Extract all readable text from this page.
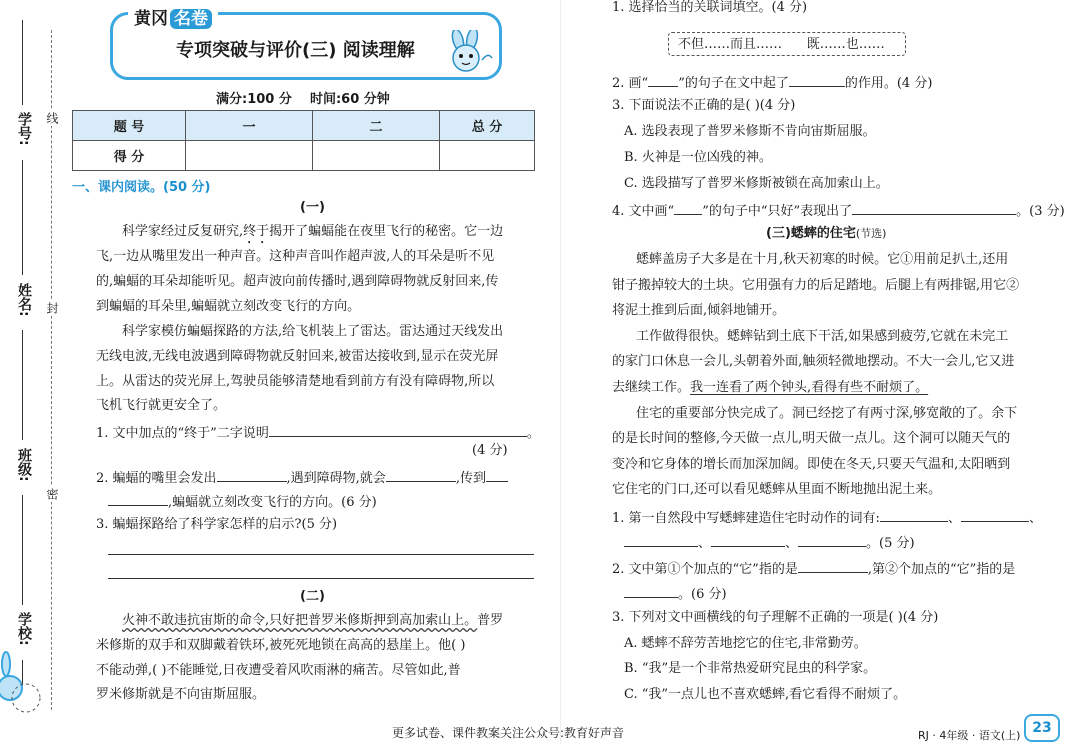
线
封
密
学号:
姓名:
班级:
学校:
黄冈 名卷
专项突破与评价(三) 阅读理解
满分:100 分    时间:60 分钟
题 号	一	二	总 分
得 分			
一、课内阅读。(50 分)
(一)
科学家经过反复研究,终于揭开了蝙蝠能在夜里飞行的秘密。它一边
飞,一边从嘴里发出一种声音。这种声音叫作超声波,人的耳朵是听不见
的,蝙蝠的耳朵却能听见。超声波向前传播时,遇到障碍物就反射回来,传
到蝙蝠的耳朵里,蝙蝠就立刻改变飞行的方向。
科学家模仿蝙蝠探路的方法,给飞机装上了雷达。雷达通过天线发出
无线电波,无线电波遇到障碍物就反射回来,被雷达接收到,显示在荧光屏
上。从雷达的荧光屏上,驾驶员能够清楚地看到前方有没有障碍物,所以
飞机飞行就更安全了。
1. 文中加点的“终于”二字说明	。
(4 分)
2. 蝙蝠的嘴里会发出	,遇到障碍物,就会	,传到
,蝙蝠就立刻改变飞行的方向。(6 分)
3. 蝙蝠探路给了科学家怎样的启示?(5 分)
(二)
火神不敢违抗宙斯的命令,只好把普罗米修斯押到高加索山上。普罗
米修斯的双手和双脚戴着铁环,被死死地锁在高高的悬崖上。他( )
不能动弹,( )不能睡觉,日夜遭受着风吹雨淋的痛苦。尽管如此,普
罗米修斯就是不向宙斯屈服。
1. 选择恰当的关联词填空。(4 分)
不但……而且……      既……也……
2. 画“ ”的句子在文中起了	的作用。(4 分)
3. 下面说法不正确的是( )(4 分)
A. 选段表现了普罗米修斯不肯向宙斯屈服。
B. 火神是一位凶残的神。
C. 选段描写了普罗米修斯被锁在高加索山上。
4. 文中画“ ”的句子中“只好”表现出了	。(3 分)
(三)蟋蟀的住宅(节选)
蟋蟀盖房子大多是在十月,秋天初寒的时候。它①用前足扒土,还用
钳子搬掉较大的土块。它用强有力的后足踏地。后腿上有两排锯,用它②
将泥土推到后面,倾斜地铺开。
工作做得很快。蟋蟀钻到土底下干活,如果感到疲劳,它就在未完工
的家门口休息一会儿,头朝着外面,触须轻微地摆动。不大一会儿,它又进
去继续工作。我一连看了两个钟头,看得有些不耐烦了。
住宅的重要部分快完成了。洞已经挖了有两寸深,够宽敞的了。余下
的是长时间的整修,今天做一点儿,明天做一点儿。这个洞可以随天气的
变冷和它身体的增长而加深加阔。即使在冬天,只要天气温和,太阳晒到
它住宅的门口,还可以看见蟋蟀从里面不断地抛出泥土来。
1. 第一自然段中写蟋蟀建造住宅时动作的词有:	、	、
、	、	。(5 分)
2. 文中第①个加点的“它”指的是	,第②个加点的“它”指的是
。(6 分)
3. 下列对文中画横线的句子理解不正确的一项是( )(4 分)
A. 蟋蟀不辞劳苦地挖它的住宅,非常勤劳。
B. “我”是一个非常热爱研究昆虫的科学家。
C. “我”一点儿也不喜欢蟋蟀,看它看得不耐烦了。
更多试卷、课件教案关注公众号:教育好声音	RJ · 4年级 · 语文(上) 23
